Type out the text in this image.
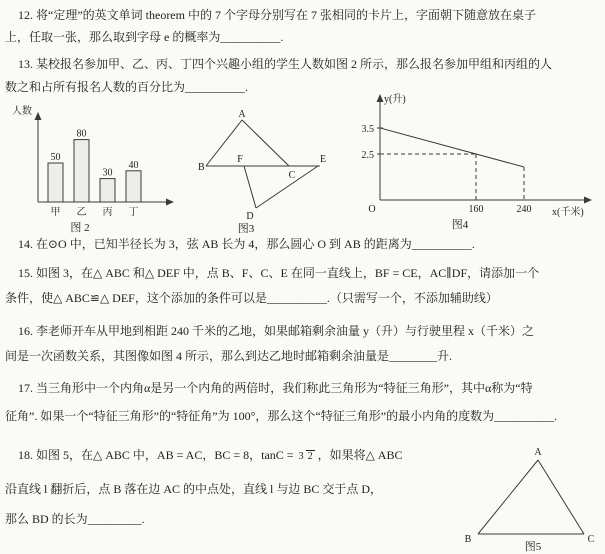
12. 将“定理”的英文单词 theorem 中的 7 个字母分别写在 7 张相同的卡片上，字面朝下随意放在桌子
上，任取一张，那么取到字母 e 的概率为__________.
13. 某校报名参加甲、乙、丙、丁四个兴趣小组的学生人数如图 2 所示，那么报名参加甲组和丙组的人
数之和占所有报名人数的百分比为__________.
人数
50
80
30
40
甲 乙 丙 丁
图 2
A
B
F
C
E
D
图3
y(升)
x(千米)
3.5
2.5
O	160	240
图4
14. 在⊙O 中，已知半径长为 3，弦 AB 长为 4，那么圆心 O 到 AB 的距离为__________.
15. 如图 3，在△ ABC 和△ DEF 中，点 B、F、C、E 在同一直线上，BF = CE，AC∥DF，请添加一个
条件，使△ ABC≌△ DEF，这个添加的条件可以是__________.（只需写一个，不添加辅助线）
16. 李老师开车从甲地到相距 240 千米的乙地，如果邮箱剩余油量 y（升）与行驶里程 x（千米）之
间是一次函数关系，其图像如图 4 所示，那么到达乙地时邮箱剩余油量是________升.
17. 当三角形中一个内角α是另一个内角的两倍时，我们称此三角形为“特征三角形”，其中α称为“特
征角”. 如果一个“特征三角形”的“特征角”为 100°，那么这个“特征三角形”的最小内角的度数为__________.
18. 如图 5，在△ ABC 中，AB = AC，BC = 8，tanC = 3 2 ，如果将△ ABC
沿直线 l 翻折后，点 B 落在边 AC 的中点处，直线 l 与边 BC 交于点 D，
那么 BD 的长为_________.
A
B	C
图5
